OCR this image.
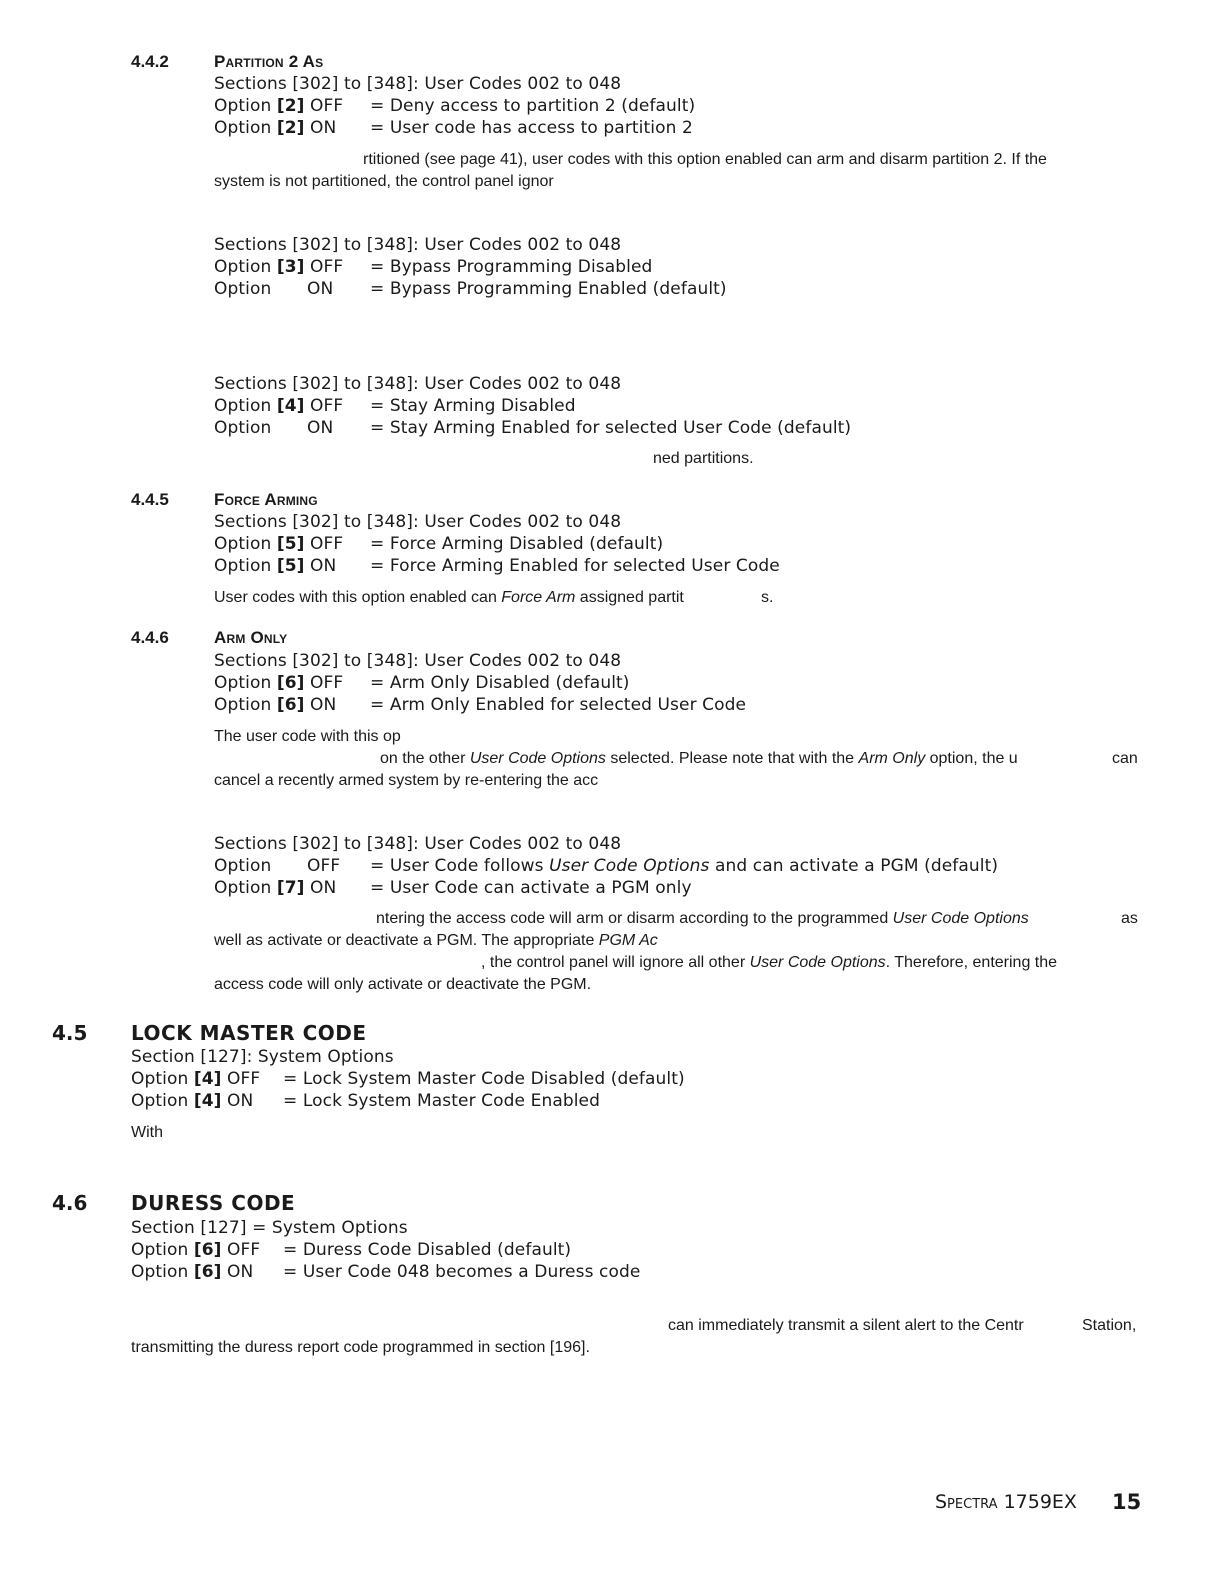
4.4.2	Partition 2 As
Sections [302] to [348]: User Codes 002 to 048
Option [2] OFF	= Deny access to partition 2 (default)
Option [2] ON = User code has access to partition 2
rtitioned (see page 41), user codes with this option enabled can arm and disarm partition 2. If the
system is not partitioned, the control panel ignor
Sections [302] to [348]: User Codes 002 to 048
Option [3] OFF = Bypass Programming Disabled
Option ON = Bypass Programming Enabled (default)
Sections [302] to [348]: User Codes 002 to 048
Option [4] OFF = Stay Arming Disabled
Option ON = Stay Arming Enabled for selected User Code (default)
ned partitions.
4.4.5	Force Arming
Sections [302] to [348]: User Codes 002 to 048
Option [5] OFF = Force Arming Disabled (default)
Option [5] ON = Force Arming Enabled for selected User Code
User codes with this option enabled can Force Arm assigned partit	s.
4.4.6	Arm Only
Sections [302] to [348]: User Codes 002 to 048
Option [6] OFF = Arm Only Disabled (default)
Option [6] ON = Arm Only Enabled for selected User Code
The user code with this op
on the other User Code Options selected. Please note that with the Arm Only option, the u	can
cancel a recently armed system by re-entering the acc
Sections [302] to [348]: User Codes 002 to 048
Option OFF = User Code follows User Code Options and can activate a PGM (default)
Option [7] ON = User Code can activate a PGM only
ntering the access code will arm or disarm according to the programmed User Code Options	as
well as activate or deactivate a PGM. The appropriate PGM Ac
, the control panel will ignore all other User Code Options. Therefore, entering the
access code will only activate or deactivate the PGM.
4.5 LOCK MASTER CODE
Section [127]: System Options
Option [4] OFF = Lock System Master Code Disabled (default)
Option [4] ON = Lock System Master Code Enabled
With
4.6 DURESS CODE
Section [127] = System Options
Option [6] OFF = Duress Code Disabled (default)
Option [6] ON = User Code 048 becomes a Duress code
can immediately transmit a silent alert to the Centr	Station,
transmitting the duress report code programmed in section [196].
Spectra 1759EX 15
